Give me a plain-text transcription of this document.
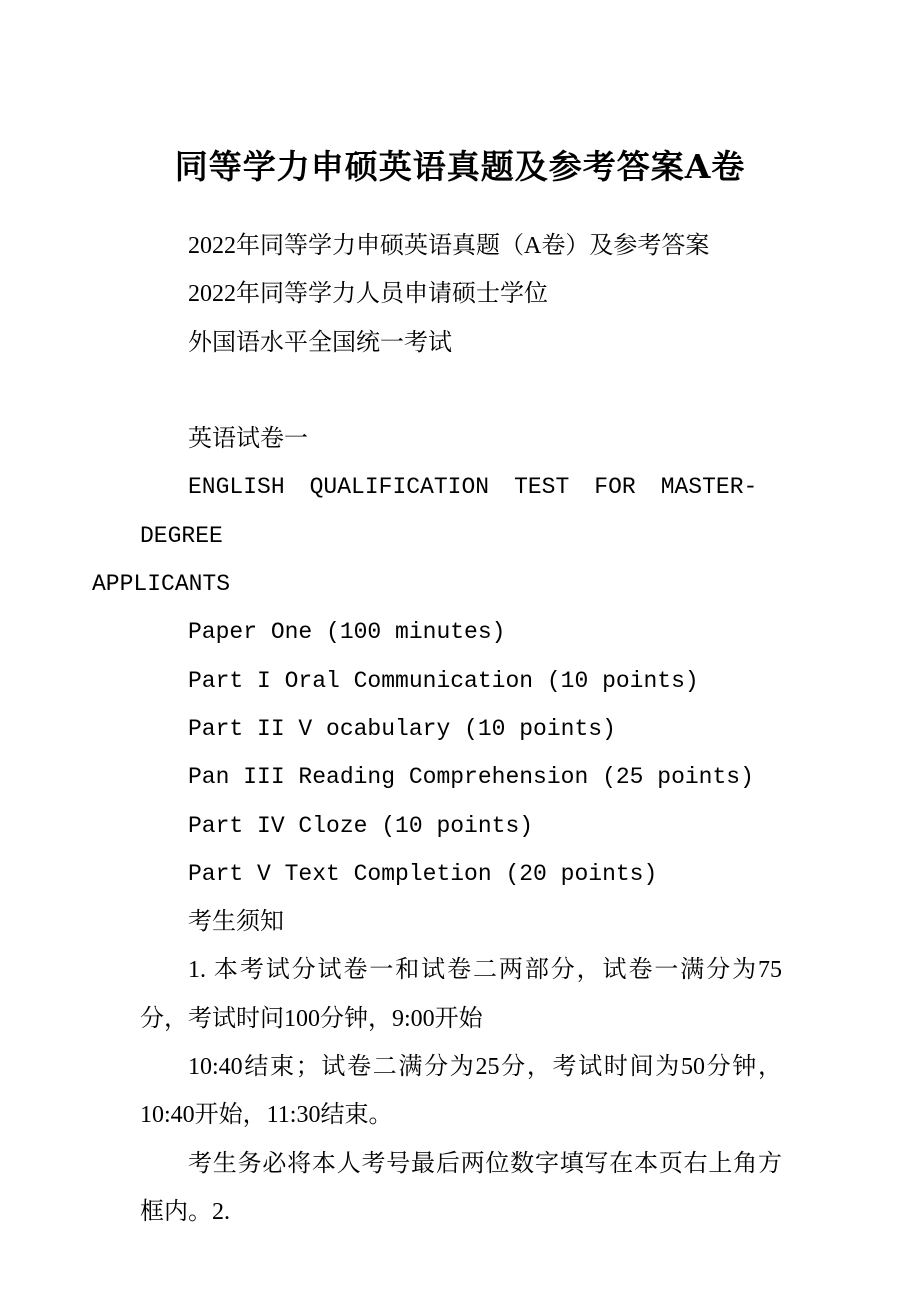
同等学力申硕英语真题及参考答案A卷

2022年同等学力申硕英语真题（A卷）及参考答案

2022年同等学力人员申请硕士学位

外国语水平全国统一考试

英语试卷一

ENGLISH QUALIFICATION TEST FOR MASTER-DEGREE
APPLICANTS

Paper One (100 minutes)

Part I Oral Communication (10 points)

Part II V ocabulary (10 points)

Pan III Reading Comprehension (25 points)

Part IV Cloze (10 points)

Part V Text Completion (20 points)

考生须知

1. 本考试分试卷一和试卷二两部分，试卷一满分为75分，考试时问100分钟，9:00开始

10:40结束；试卷二满分为25分，考试时间为50分钟，10:40开始，11:30结束。

考生务必将本人考号最后两位数字填写在本页右上角方框内。2.
